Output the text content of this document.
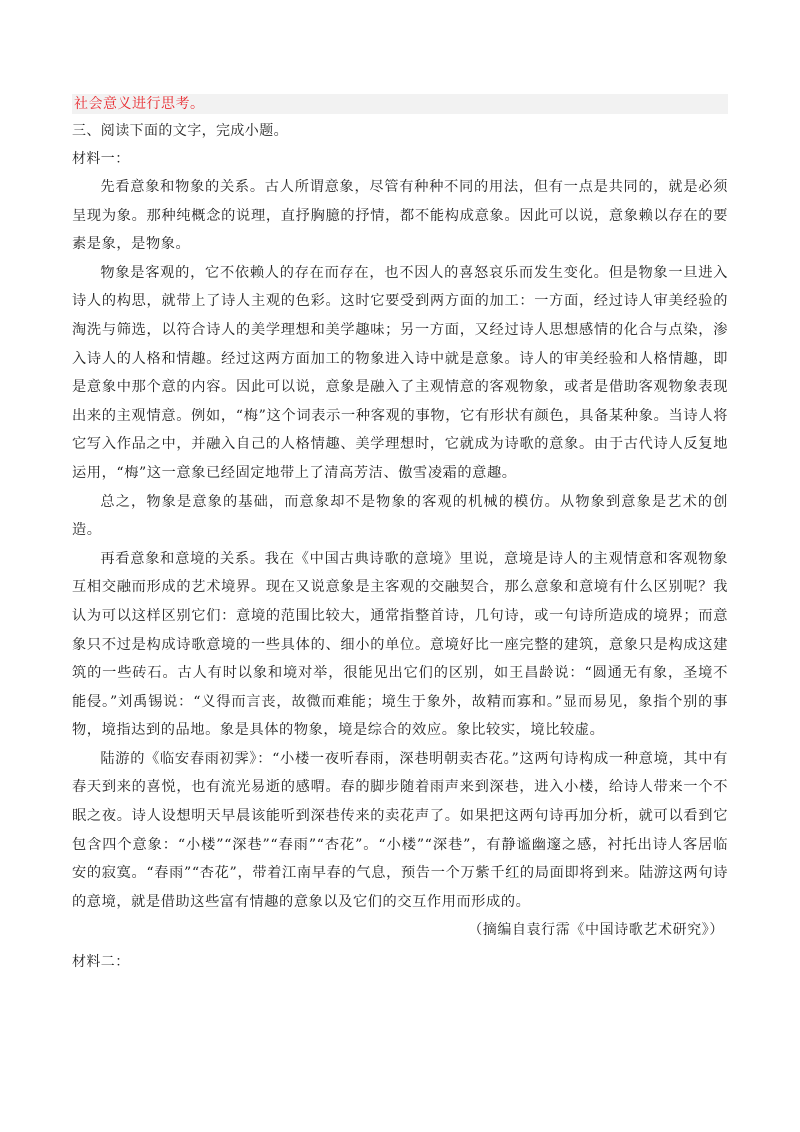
社会意义进行思考。
三、阅读下面的文字，完成小题。
材料一：

先看意象和物象的关系。古人所谓意象，尽管有种种不同的用法，但有一点是共同的，就是必须呈现为象。那种纯概念的说理，直抒胸臆的抒情，都不能构成意象。因此可以说，意象赖以存在的要素是象，是物象。

物象是客观的，它不依赖人的存在而存在，也不因人的喜怒哀乐而发生变化。但是物象一旦进入诗人的构思，就带上了诗人主观的色彩。这时它要受到两方面的加工：一方面，经过诗人审美经验的淘洗与筛选，以符合诗人的美学理想和美学趣味；另一方面，又经过诗人思想感情的化合与点染，渗入诗人的人格和情趣。经过这两方面加工的物象进入诗中就是意象。诗人的审美经验和人格情趣，即是意象中那个意的内容。因此可以说，意象是融入了主观情意的客观物象，或者是借助客观物象表现出来的主观情意。例如，“梅”这个词表示一种客观的事物，它有形状有颜色，具备某种象。当诗人将它写入作品之中，并融入自己的人格情趣、美学理想时，它就成为诗歌的意象。由于古代诗人反复地运用，“梅”这一意象已经固定地带上了清高芳洁、傲雪凌霜的意趣。

总之，物象是意象的基础，而意象却不是物象的客观的机械的模仿。从物象到意象是艺术的创造。

再看意象和意境的关系。我在《中国古典诗歌的意境》里说，意境是诗人的主观情意和客观物象互相交融而形成的艺术境界。现在又说意象是主客观的交融契合，那么意象和意境有什么区别呢？我认为可以这样区别它们：意境的范围比较大，通常指整首诗，几句诗，或一句诗所造成的境界；而意象只不过是构成诗歌意境的一些具体的、细小的单位。意境好比一座完整的建筑，意象只是构成这建筑的一些砖石。古人有时以象和境对举，很能见出它们的区别，如王昌龄说：“圆通无有象，圣境不能侵。”刘禹锡说：“义得而言丧，故微而难能；境生于象外，故精而寡和。”显而易见，象指个别的事物，境指达到的品地。象是具体的物象，境是综合的效应。象比较实，境比较虚。

陆游的《临安春雨初霁》：“小楼一夜听春雨，深巷明朝卖杏花。”这两句诗构成一种意境，其中有春天到来的喜悦，也有流光易逝的感喟。春的脚步随着雨声来到深巷，进入小楼，给诗人带来一个不眠之夜。诗人设想明天早晨该能听到深巷传来的卖花声了。如果把这两句诗再加分析，就可以看到它包含四个意象：“小楼”“深巷”“春雨”“杏花”。“小楼”“深巷”，有静谧幽邃之感，衬托出诗人客居临安的寂寞。“春雨”“杏花”，带着江南早春的气息，预告一个万紫千红的局面即将到来。陆游这两句诗的意境，就是借助这些富有情趣的意象以及它们的交互作用而形成的。

（摘编自袁行霈《中国诗歌艺术研究》）
材料二：
